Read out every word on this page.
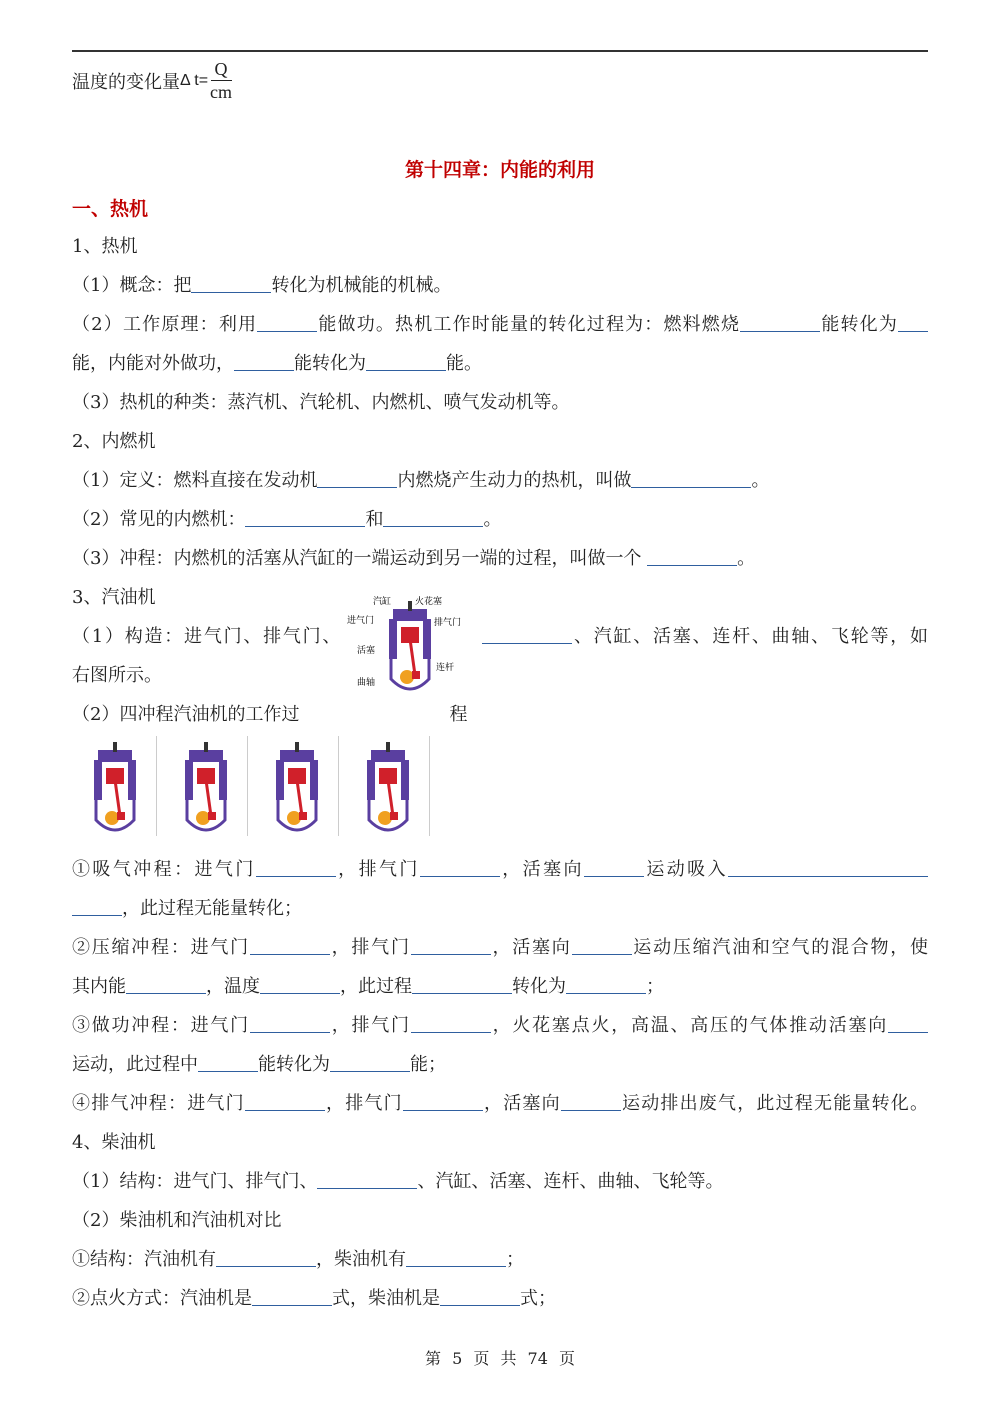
温度的变化量 Δ $t= \frac{Q}{cm}$
第十四章：内能的利用
一、热机
1、热机
（1）概念：把	转化为机械能的机械。
（2）工作原理：利用	能做功。热机工作时能量的转化过程为：燃料燃烧	能转化为
能，内能对外做功，	能转化为	能。
（3）热机的种类：蒸汽机、汽轮机、内燃机、喷气发动机等。
2、内燃机
（1）定义：燃料直接在发动机	内燃烧产生动力的热机，叫做	。
（2）常见的内燃机：	和	。
（3）冲程：内燃机的活塞从汽缸的一端运动到另一端的过程，叫做一个	。
3、汽油机
（1）构造：进气门、排气门、	、汽缸、活塞、连杆、曲轴、飞轮等，如
汽缸	火花塞
进气门	排气门
活塞
连杆
曲轴
右图所示。
（2）四冲程汽油机的工作过	程
①吸气冲程：进气门	，排气门	，活塞向	运动吸入
，此过程无能量转化；
②压缩冲程：进气门	，排气门	，活塞向	运动压缩汽油和空气的混合物，使
其内能	，温度	，此过程	转化为	；
③做功冲程：进气门	，排气门	，火花塞点火，高温、高压的气体推动活塞向
运动，此过程中	能转化为	能；
④排气冲程：进气门	，排气门	，活塞向	运动排出废气，此过程无能量转化。
4、柴油机
（1）结构：进气门、排气门、	、汽缸、活塞、连杆、曲轴、飞轮等。
（2）柴油机和汽油机对比
①结构：汽油机有	，柴油机有	；
②点火方式：汽油机是	式，柴油机是	式；
第 5 页 共 74 页
